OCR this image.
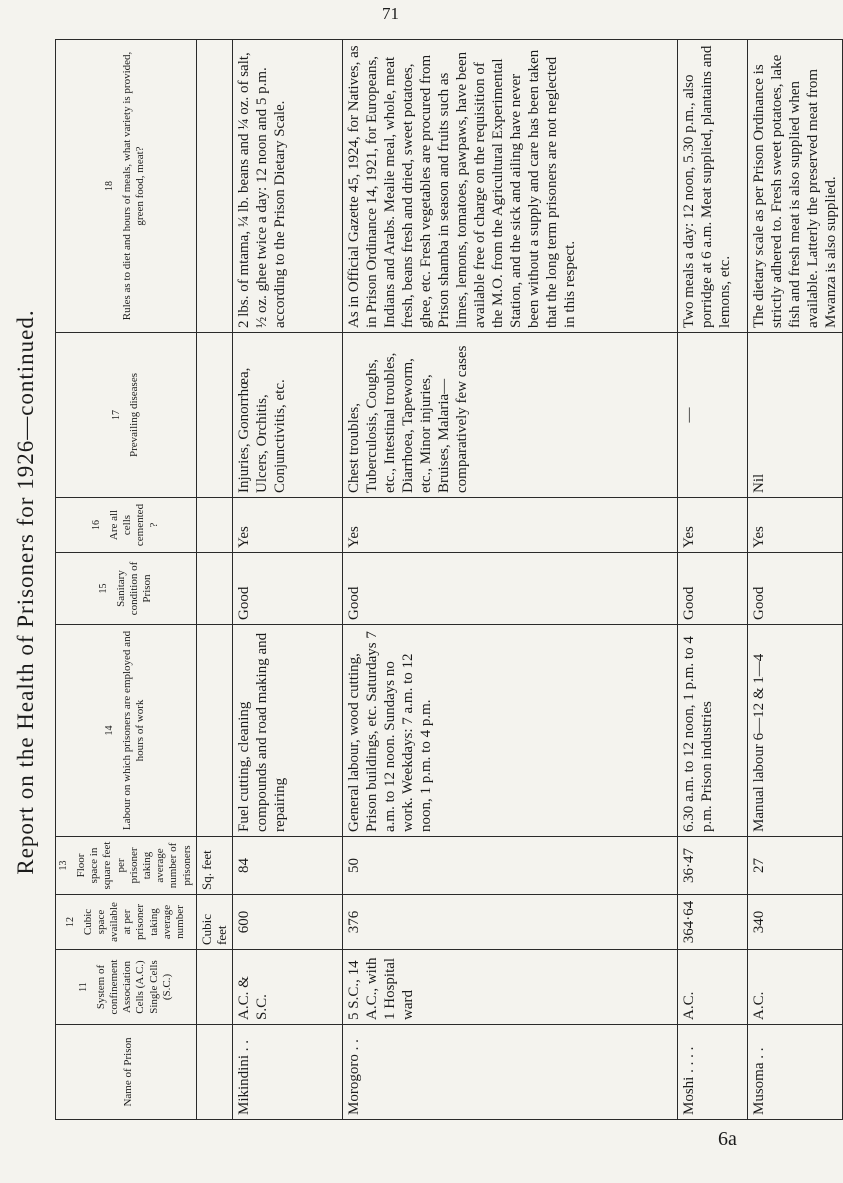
71
Report on the Health of Prisoners for 1926—continued.
Name of Prison	11 System of confinement Association Cells (A.C.) Single Cells (S.C.)	12 Cubic space available at per prisoner taking average number	13 Floor space in square feet per prisoner taking average number of prisoners	14 Labour on which prisoners are employed and hours of work	15 Sanitary condition of Prison	16 Are all cells cemented ?	17 Prevailing diseases	18 Rules as to diet and hours of meals, what variety is provided, green food, meat?
		Cubic feet	Sq. feet					
Mikindini . .	A.C. & S.C.	600	84	Fuel cutting, cleaning compounds and road making and repairing	Good	Yes	Injuries, Gonorrhœa, Ulcers, Orchitis, Conjunctivitis, etc.	2 lbs. of mtama, ¼ lb. beans and ¼ oz. of salt, ½ oz. ghee twice a day: 12 noon and 5 p.m. according to the Prison Dietary Scale.
Morogoro . .	5 S.C., 14 A.C., with 1 Hospital ward	376	50	General labour, wood cutting, Prison buildings, etc. Saturdays 7 a.m. to 12 noon. Sundays no work. Weekdays: 7 a.m. to 12 noon, 1 p.m. to 4 p.m.	Good	Yes	Chest troubles, Tuberculosis, Coughs, etc., Intestinal troubles, Diarrhoea, Tapeworm, etc., Minor injuries, Bruises, Malaria—comparatively few cases	As in Official Gazette 45, 1924, for Natives, as in Prison Ordinance 14, 1921, for Europeans, Indians and Arabs. Mealie meal, whole, meat fresh, beans fresh and dried, sweet potatoes, ghee, etc. Fresh vegetables are procured from Prison shamba in season and fruits such as limes, lemons, tomatoes, pawpaws, have been available free of charge on the requisition of the M.O. from the Agricultural Experimental Station, and the sick and ailing have never been without a supply and care has been taken that the long term prisoners are not neglected in this respect.
Moshi . . . .	A.C.	364·64	36·47	6.30 a.m. to 12 noon, 1 p.m. to 4 p.m. Prison industries	Good	Yes	—	Two meals a day: 12 noon, 5.30 p.m., also porridge at 6 a.m. Meat supplied, plantains and lemons, etc.
Musoma . .	A.C.	340	27	Manual labour 6—12 & 1—4	Good	Yes	Nil	The dietary scale as per Prison Ordinance is strictly adhered to. Fresh sweet potatoes, lake fish and fresh meat is also supplied when available. Latterly the preserved meat from Mwanza is also supplied.
6a
